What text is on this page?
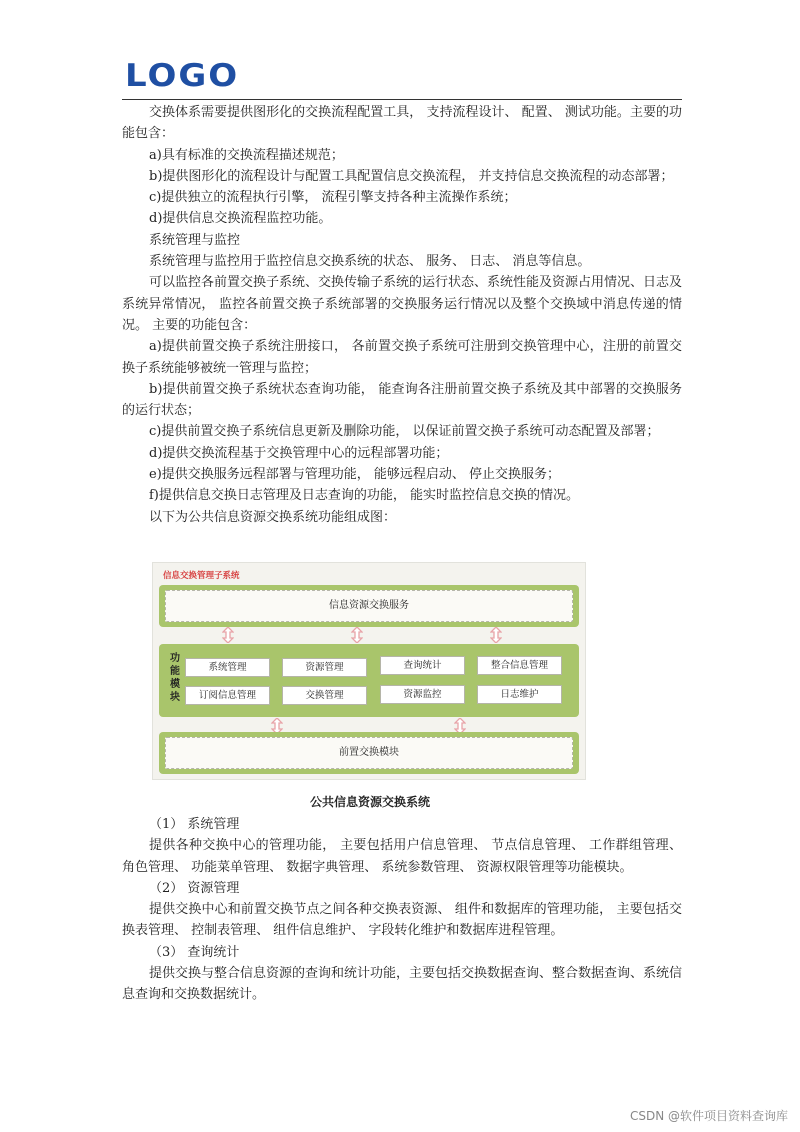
LOGO

交换体系需要提供图形化的交换流程配置工具， 支持流程设计、 配置、 测试功能。主要的功能包含：

a)具有标准的交换流程描述规范；

b)提供图形化的流程设计与配置工具配置信息交换流程， 并支持信息交换流程的动态部署；

c)提供独立的流程执行引擎， 流程引擎支持各种主流操作系统；

d)提供信息交换流程监控功能。

系统管理与监控

系统管理与监控用于监控信息交换系统的状态、 服务、 日志、 消息等信息。

可以监控各前置交换子系统、交换传输子系统的运行状态、系统性能及资源占用情况、日志及系统异常情况， 监控各前置交换子系统部署的交换服务运行情况以及整个交换域中消息传递的情况。 主要的功能包含：

a)提供前置交换子系统注册接口， 各前置交换子系统可注册到交换管理中心，注册的前置交换子系统能够被统一管理与监控；

b)提供前置交换子系统状态查询功能， 能查询各注册前置交换子系统及其中部署的交换服务的运行状态；

c)提供前置交换子系统信息更新及删除功能， 以保证前置交换子系统可动态配置及部署；

d)提供交换流程基于交换管理中心的远程部署功能；

e)提供交换服务远程部署与管理功能， 能够远程启动、 停止交换服务；

f)提供信息交换日志管理及日志查询的功能， 能实时监控信息交换的情况。

以下为公共信息资源交换系统功能组成图：

信息交换管理子系统
信息资源交换服务
功
能
模
块
系统管理	资源管理	查询统计	整合信息管理
订阅信息管理	交换管理	资源监控	日志维护
前置交换模块
公共信息资源交换系统

（1） 系统管理

提供各种交换中心的管理功能， 主要包括用户信息管理、 节点信息管理、 工作群组管理、 角色管理、 功能菜单管理、 数据字典管理、 系统参数管理、 资源权限管理等功能模块。

（2） 资源管理

提供交换中心和前置交换节点之间各种交换表资源、 组件和数据库的管理功能， 主要包括交换表管理、 控制表管理、 组件信息维护、 字段转化维护和数据库进程管理。

（3） 查询统计

提供交换与整合信息资源的查询和统计功能，主要包括交换数据查询、整合数据查询、系统信息查询和交换数据统计。

CSDN @软件项目资料查询库
